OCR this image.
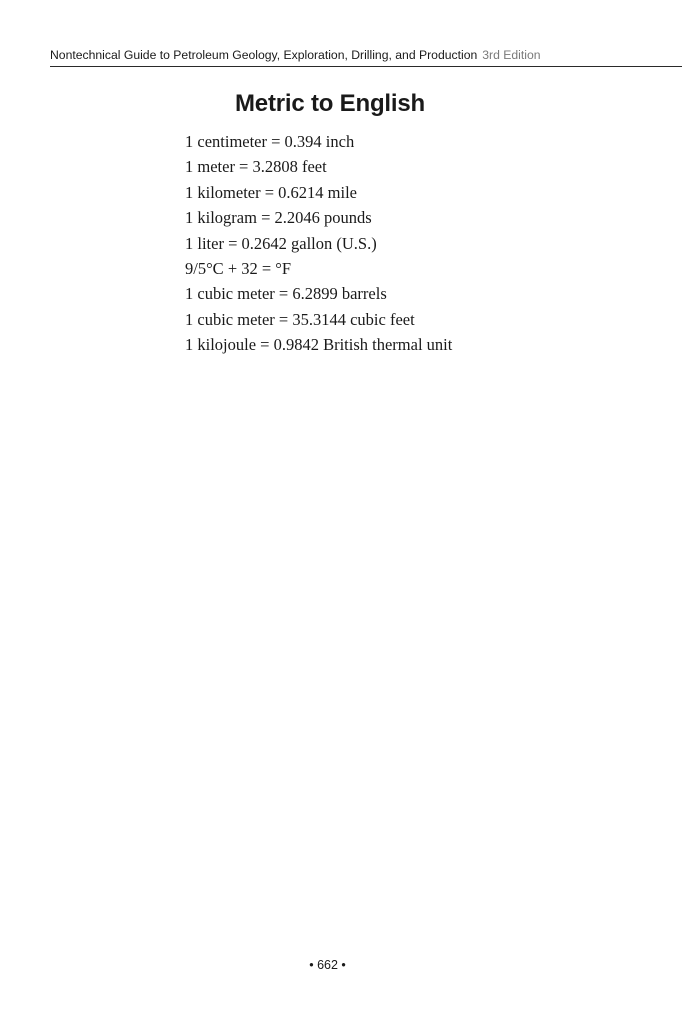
Nontechnical Guide to Petroleum Geology, Exploration, Drilling, and Production 3rd Edition
Metric to English
1 centimeter = 0.394 inch
1 meter = 3.2808 feet
1 kilometer = 0.6214 mile
1 kilogram = 2.2046 pounds
1 liter = 0.2642 gallon (U.S.)
9/5°C + 32 = °F
1 cubic meter = 6.2899 barrels
1 cubic meter = 35.3144 cubic feet
1 kilojoule = 0.9842 British thermal unit
• 662 •
